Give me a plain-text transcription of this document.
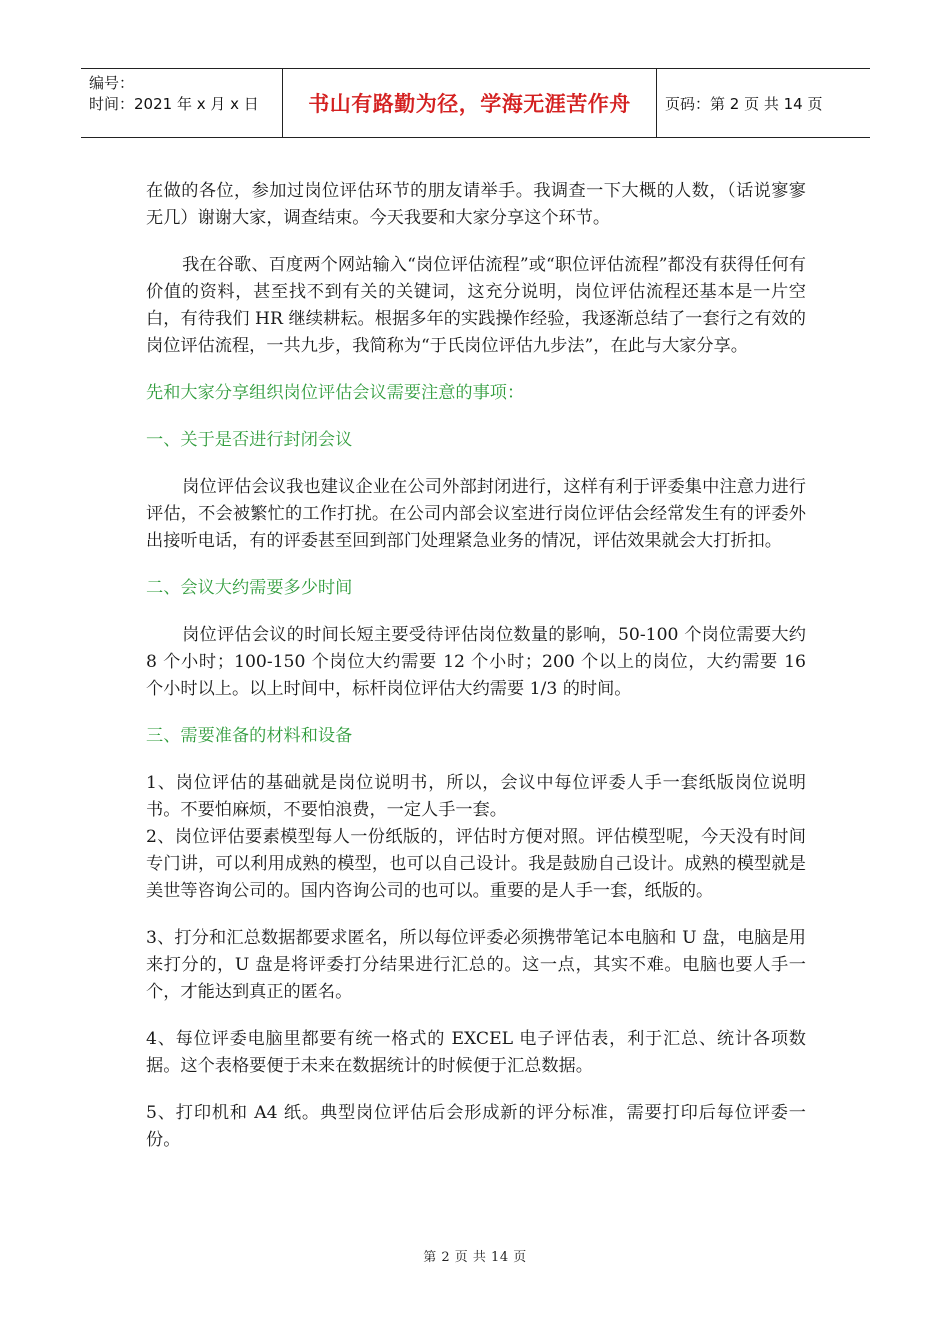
编号：
时间：2021 年 x 月 x 日	书山有路勤为径，学海无涯苦作舟 页码：第 2 页 共 14 页

在做的各位，参加过岗位评估环节的朋友请举手。我调查一下大概的人数，（话说寥寥无几）谢谢大家，调查结束。今天我要和大家分享这个环节。

我在谷歌、百度两个网站输入“岗位评估流程”或“职位评估流程”都没有获得任何有价值的资料，甚至找不到有关的关键词，这充分说明，岗位评估流程还基本是一片空白，有待我们 HR 继续耕耘。根据多年的实践操作经验，我逐渐总结了一套行之有效的岗位评估流程，一共九步，我简称为“于氏岗位评估九步法”，在此与大家分享。

先和大家分享组织岗位评估会议需要注意的事项：

一、关于是否进行封闭会议

岗位评估会议我也建议企业在公司外部封闭进行，这样有利于评委集中注意力进行评估，不会被繁忙的工作打扰。在公司内部会议室进行岗位评估会经常发生有的评委外出接听电话，有的评委甚至回到部门处理紧急业务的情况，评估效果就会大打折扣。

二、会议大约需要多少时间

岗位评估会议的时间长短主要受待评估岗位数量的影响，50-100 个岗位需要大约 8 个小时；100-150 个岗位大约需要 12 个小时；200 个以上的岗位，大约需要 16 个小时以上。以上时间中，标杆岗位评估大约需要 1/3 的时间。

三、需要准备的材料和设备

1、岗位评估的基础就是岗位说明书，所以，会议中每位评委人手一套纸版岗位说明书。不要怕麻烦，不要怕浪费，一定人手一套。

2、岗位评估要素模型每人一份纸版的，评估时方便对照。评估模型呢，今天没有时间专门讲，可以利用成熟的模型，也可以自己设计。我是鼓励自己设计。成熟的模型就是美世等咨询公司的。国内咨询公司的也可以。重要的是人手一套，纸版的。

3、打分和汇总数据都要求匿名，所以每位评委必须携带笔记本电脑和 U 盘，电脑是用来打分的，U 盘是将评委打分结果进行汇总的。这一点，其实不难。电脑也要人手一个，才能达到真正的匿名。

4、每位评委电脑里都要有统一格式的 EXCEL 电子评估表，利于汇总、统计各项数据。这个表格要便于未来在数据统计的时候便于汇总数据。

5、打印机和 A4 纸。典型岗位评估后会形成新的评分标准，需要打印后每位评委一份。

第 2 页 共 14 页
